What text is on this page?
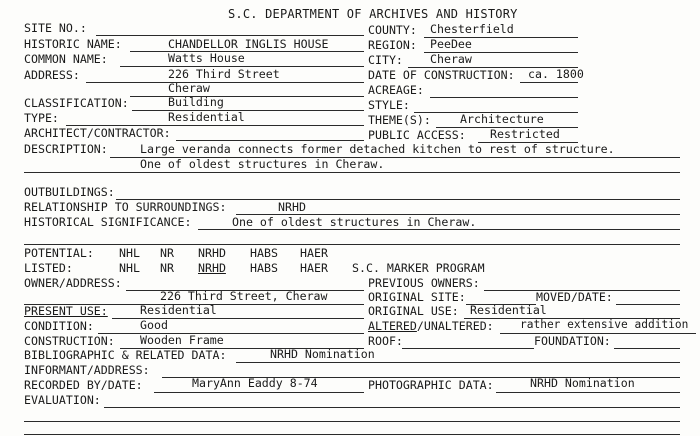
S.C. DEPARTMENT OF ARCHIVES AND HISTORY
SITE NO.:
HISTORIC NAME:	CHANDELLOR INGLIS HOUSE
COMMON NAME:	Watts House
ADDRESS:	226 Third Street
Cheraw
CLASSIFICATION:	Building
TYPE:	Residential
ARCHITECT/CONTRACTOR:
COUNTY: Chesterfield
REGION: PeeDee
CITY: Cheraw
DATE OF CONSTRUCTION: ca. 1800
ACREAGE:
STYLE:
THEME(S):	Architecture
PUBLIC ACCESS: Restricted
DESCRIPTION:	Large veranda connects former detached kitchen to rest of structure.
One of oldest structures in Cheraw.
OUTBUILDINGS:
RELATIONSHIP TO SURROUNDINGS:	NRHD
HISTORICAL SIGNIFICANCE:	One of oldest structures in Cheraw.
POTENTIAL: NHL NR NRHD HABS HAER
LISTED:	NHL NR NRHD HABS HAER S.C. MARKER PROGRAM
OWNER/ADDRESS:	PREVIOUS OWNERS:
226 Third Street, Cheraw	ORIGINAL SITE:	MOVED/DATE:
PRESENT USE:	Residential	ORIGINAL USE: Residential
CONDITION:	Good	ALTERED/UNALTERED: rather extensive addition
CONSTRUCTION: Wooden Frame	ROOF:	FOUNDATION:
BIBLIOGRAPHIC & RELATED DATA:	NRHD Nomination
INFORMANT/ADDRESS:
RECORDED BY/DATE:	MaryAnn Eaddy 8-74	PHOTOGRAPHIC DATA:	NRHD Nomination
EVALUATION:
